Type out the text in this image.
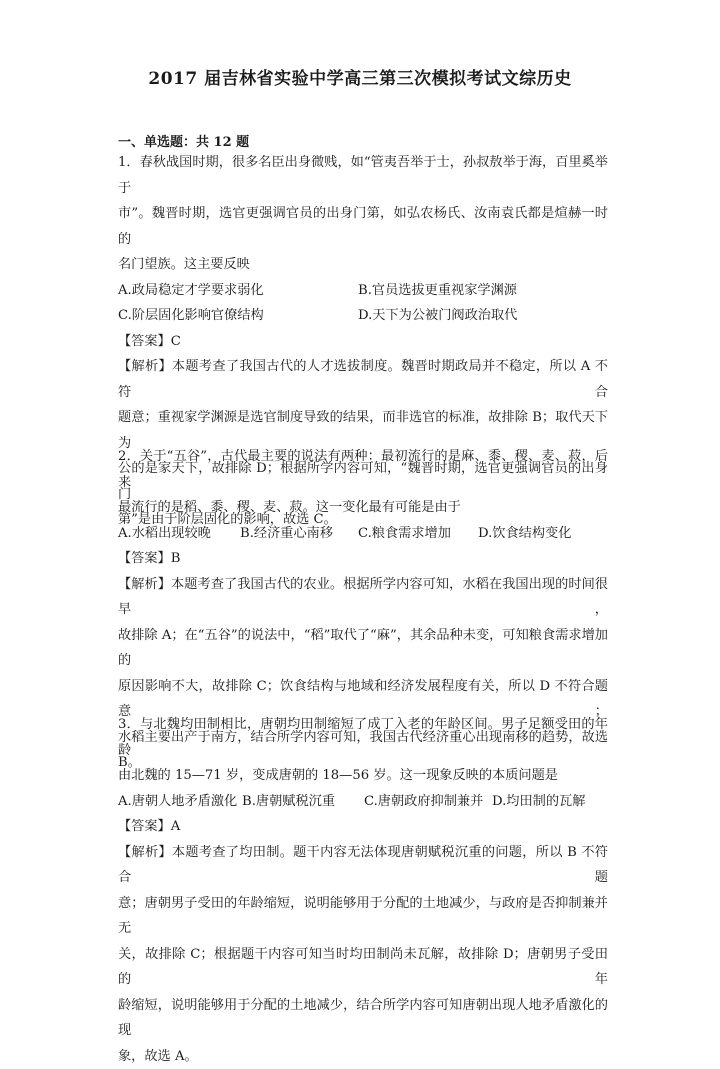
2017 届吉林省实验中学高三第三次模拟考试文综历史
一、单选题：共 12 题
1．春秋战国时期，很多名臣出身微贱，如“管夷吾举于士，孙叔敖举于海，百里奚举于
市”。魏晋时期，选官更强调官员的出身门第，如弘农杨氏、汝南袁氏都是煊赫一时的
名门望族。这主要反映
A.政局稳定才学要求弱化	B.官员选拔更重视家学渊源
C.阶层固化影响官僚结构	D.天下为公被门阀政治取代
【答案】C
【解析】本题考查了我国古代的人才选拔制度。魏晋时期政局并不稳定，所以 A 不符合
题意；重视家学渊源是选官制度导致的结果，而非选官的标准，故排除 B；取代天下为
公的是家天下，故排除 D；根据所学内容可知，“魏晋时期，选官更强调官员的出身门
第”是由于阶层固化的影响，故选 C。
2．关于“五谷”，古代最主要的说法有两种：最初流行的是麻、黍、稷、麦、菽，后来
最流行的是稻、黍、稷、麦、菽。这一变化最有可能是由于
A.水稻出现较晚	B.经济重心南移	C.粮食需求增加	D.饮食结构变化
【答案】B
【解析】本题考查了我国古代的农业。根据所学内容可知，水稻在我国出现的时间很早，
故排除 A；在“五谷”的说法中，“稻”取代了“麻”，其余品种未变，可知粮食需求增加的
原因影响不大，故排除 C；饮食结构与地域和经济发展程度有关，所以 D 不符合题意；
水稻主要出产于南方，结合所学内容可知，我国古代经济重心出现南移的趋势，故选
B。
3．与北魏均田制相比，唐朝均田制缩短了成丁入老的年龄区间。男子足额受田的年龄
由北魏的 15—71 岁，变成唐朝的 18—56 岁。这一现象反映的本质问题是
A.唐朝人地矛盾激化 B.唐朝赋税沉重	C.唐朝政府抑制兼并 D.均田制的瓦解
【答案】A
【解析】本题考查了均田制。题干内容无法体现唐朝赋税沉重的问题，所以 B 不符合题
意；唐朝男子受田的年龄缩短，说明能够用于分配的土地减少，与政府是否抑制兼并无
关，故排除 C；根据题干内容可知当时均田制尚未瓦解，故排除 D；唐朝男子受田的年
龄缩短，说明能够用于分配的土地减少，结合所学内容可知唐朝出现人地矛盾激化的现
象，故选 A。
